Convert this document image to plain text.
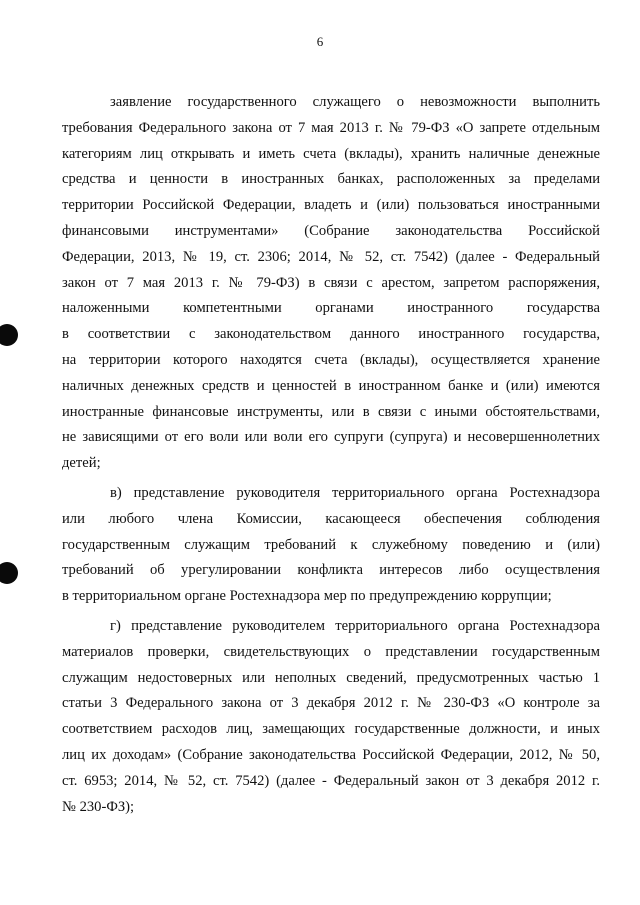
6
заявление государственного служащего о невозможности выполнить
требования Федерального закона от 7 мая 2013 г. № 79-ФЗ «О запрете отдельным
категориям лиц открывать и иметь счета (вклады), хранить наличные денежные
средства и ценности в иностранных банках, расположенных за пределами
территории Российской Федерации, владеть и (или) пользоваться иностранными
финансовыми инструментами» (Собрание законодательства Российской
Федерации, 2013, № 19, ст. 2306; 2014, № 52, ст. 7542) (далее - Федеральный
закон от 7 мая 2013 г. № 79-ФЗ) в связи с арестом, запретом распоряжения,
наложенными компетентными органами иностранного государства
в соответствии с законодательством данного иностранного государства,
на территории которого находятся счета (вклады), осуществляется хранение
наличных денежных средств и ценностей в иностранном банке и (или) имеются
иностранные финансовые инструменты, или в связи с иными обстоятельствами,
не зависящими от его воли или воли его супруги (супруга) и несовершеннолетних
детей;
в) представление руководителя территориального органа Ростехнадзора
или любого члена Комиссии, касающееся обеспечения соблюдения
государственным служащим требований к служебному поведению и (или)
требований об урегулировании конфликта интересов либо осуществления
в территориальном органе Ростехнадзора мер по предупреждению коррупции;
г) представление руководителем территориального органа Ростехнадзора
материалов проверки, свидетельствующих о представлении государственным
служащим недостоверных или неполных сведений, предусмотренных частью 1
статьи 3 Федерального закона от 3 декабря 2012 г. № 230-ФЗ «О контроле за
соответствием расходов лиц, замещающих государственные должности, и иных
лиц их доходам» (Собрание законодательства Российской Федерации, 2012, № 50,
ст. 6953; 2014, № 52, ст. 7542) (далее - Федеральный закон от 3 декабря 2012 г.
№ 230-ФЗ);
